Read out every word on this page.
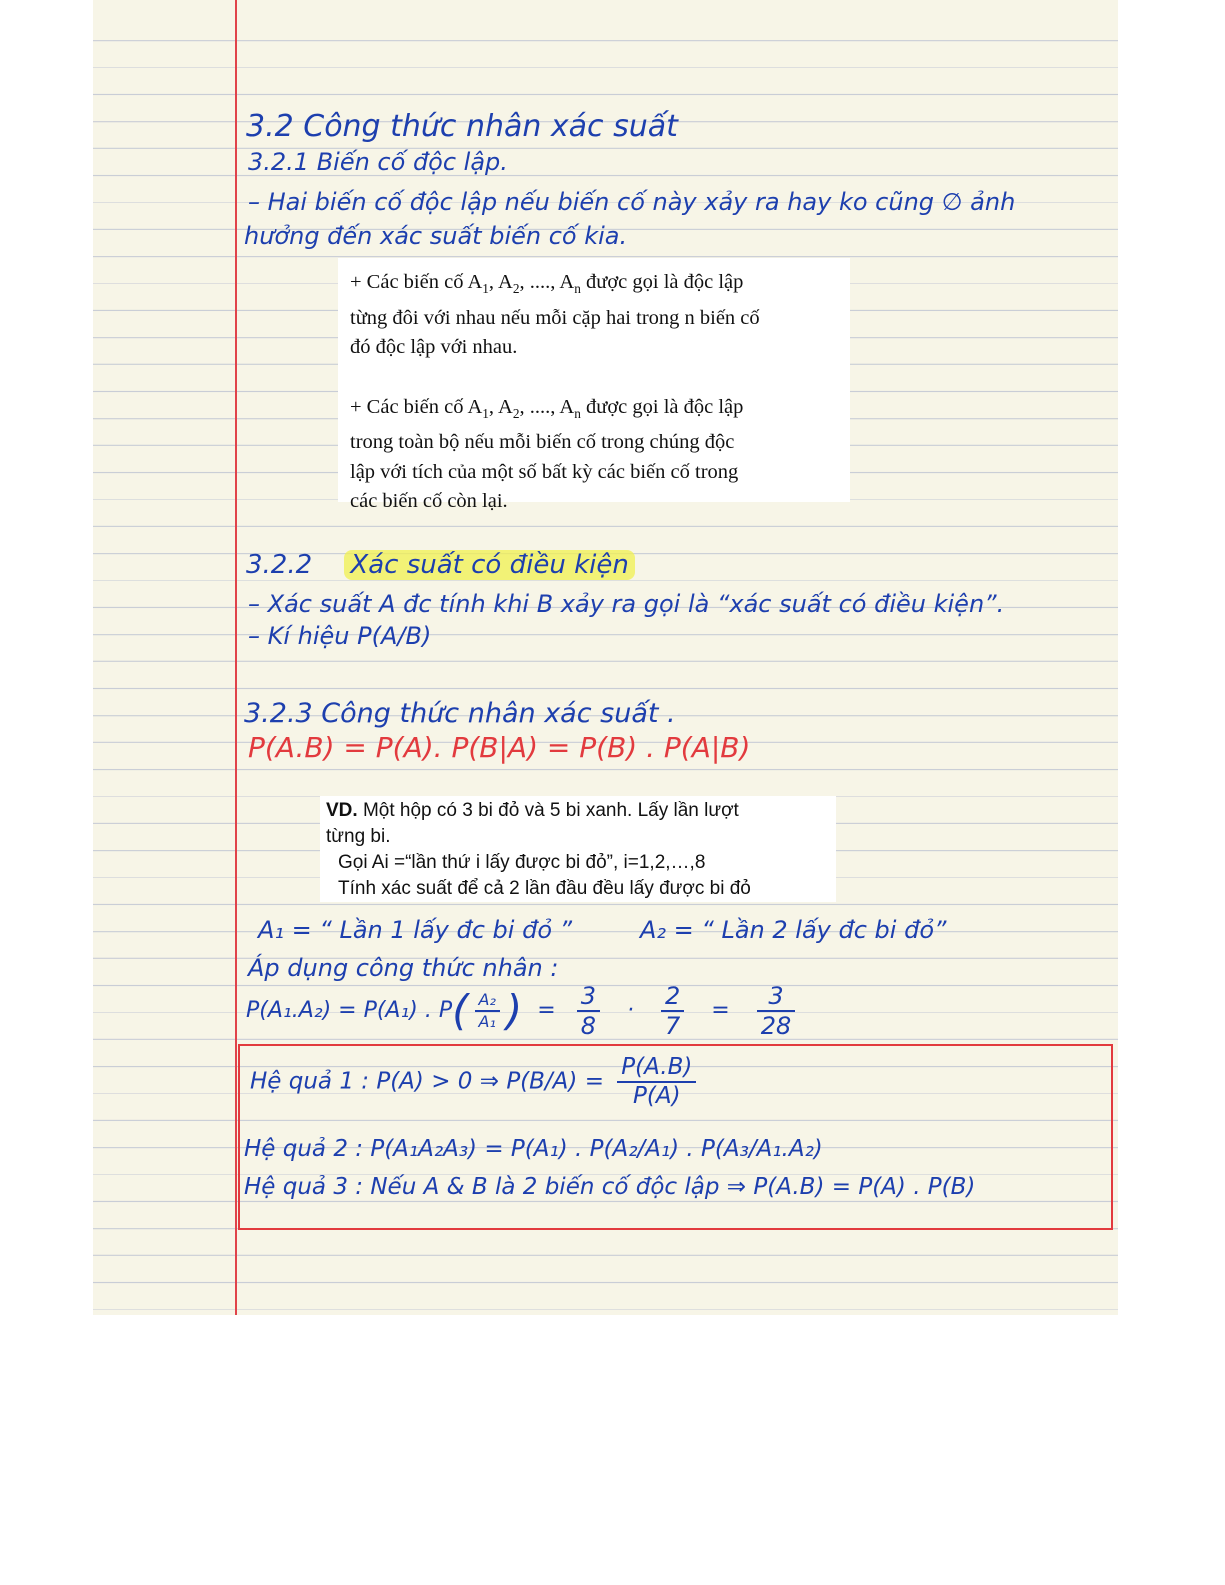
3.2 Công thức nhân xác suất
3.2.1 Biến cố độc lập.
– Hai biến cố độc lập nếu biến cố này xảy ra hay ko cũng ∅ ảnh
hưởng đến xác suất biến cố kia.

+ Các biến cố $A_1$, $A_2$, ...., $A_n$ được gọi là độc lập
từng đôi với nhau nếu mỗi cặp hai trong n biến cố
đó độc lập với nhau.

+ Các biến cố $A_1$, $A_2$, ...., $A_n$ được gọi là độc lập
trong toàn bộ nếu mỗi biến cố trong chúng độc
lập với tích của một số bất kỳ các biến cố trong
các biến cố còn lại.

3.2.2 Xác suất có điều kiện
– Xác suất A đc tính khi B xảy ra gọi là “xác suất có điều kiện”.
– Kí hiệu P(A/B)
3.2.3 Công thức nhân xác suất .
P(A.B) = P(A). P(B|A) = P(B) . P(A|B)

VD. Một hộp có 3 bi đỏ và 5 bi xanh. Lấy lần lượt

từng bi.

Gọi Ai =“lần thứ i lấy được bi đỏ”, i=1,2,…,8

Tính xác suất để cả 2 lần đầu đều lấy được bi đỏ

A₁ = “ Lần 1 lấy đc bi đỏ ”	A₂ = “ Lần 2 lấy đc bi đỏ”
Áp dụng công thức nhân :
P(A₁.A₂) = P(A₁) . $P( \frac{\text{A₂}}{\text{A₁}}$ ) = $\frac{3}{8} \cdot \frac{2}{7} = \frac{3}{28}$
Hệ quả 1 : P(A) > 0 ⇒ $P(B/A) = \frac{P(A.B)}{P(A)}$
Hệ quả 2 : P(A₁A₂A₃) = P(A₁) . P(A₂/A₁) . P(A₃/A₁.A₂)
Hệ quả 3 : Nếu A & B là 2 biến cố độc lập ⇒ P(A.B) = P(A) . P(B)
